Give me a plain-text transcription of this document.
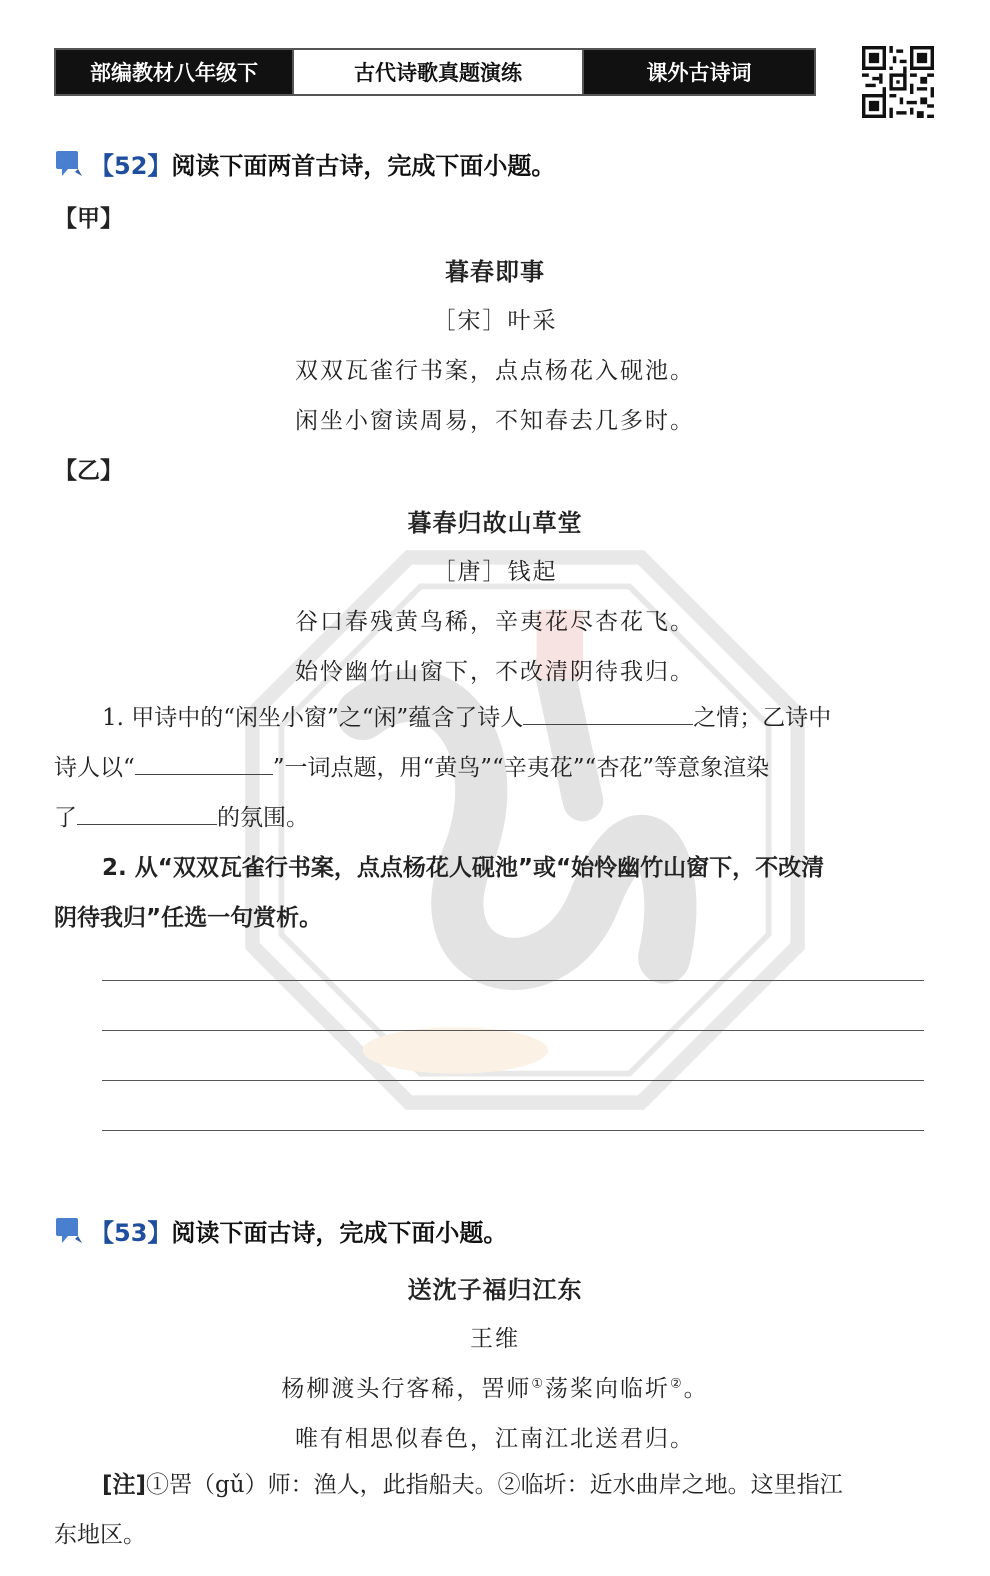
部编教材八年级下	古代诗歌真题演练	课外古诗词
【52】 阅读下面两首古诗，完成下面小题。
【甲】
暮春即事
［宋］叶采
双双瓦雀行书案，点点杨花入砚池。
闲坐小窗读周易，不知春去几多时。
【乙】
暮春归故山草堂
［唐］钱起
谷口春残黄鸟稀，辛夷花尽杏花飞。
始怜幽竹山窗下，不改清阴待我归。
1. 甲诗中的“闲坐小窗”之“闲”蕴含了诗人	之情；乙诗中
诗人以“	”一词点题，用“黄鸟”“辛夷花”“杏花”等意象渲染
了	的氛围。
2. 从“双双瓦雀行书案，点点杨花人砚池”或“始怜幽竹山窗下，不改清
阴待我归”任选一句赏析。
【53】 阅读下面古诗，完成下面小题。
送沈子福归江东
王维
杨柳渡头行客稀，罟师①荡桨向临圻②。
唯有相思似春色，江南江北送君归。
[注]①罟（gǔ）师：渔人，此指船夫。②临圻：近水曲岸之地。这里指江
东地区。
